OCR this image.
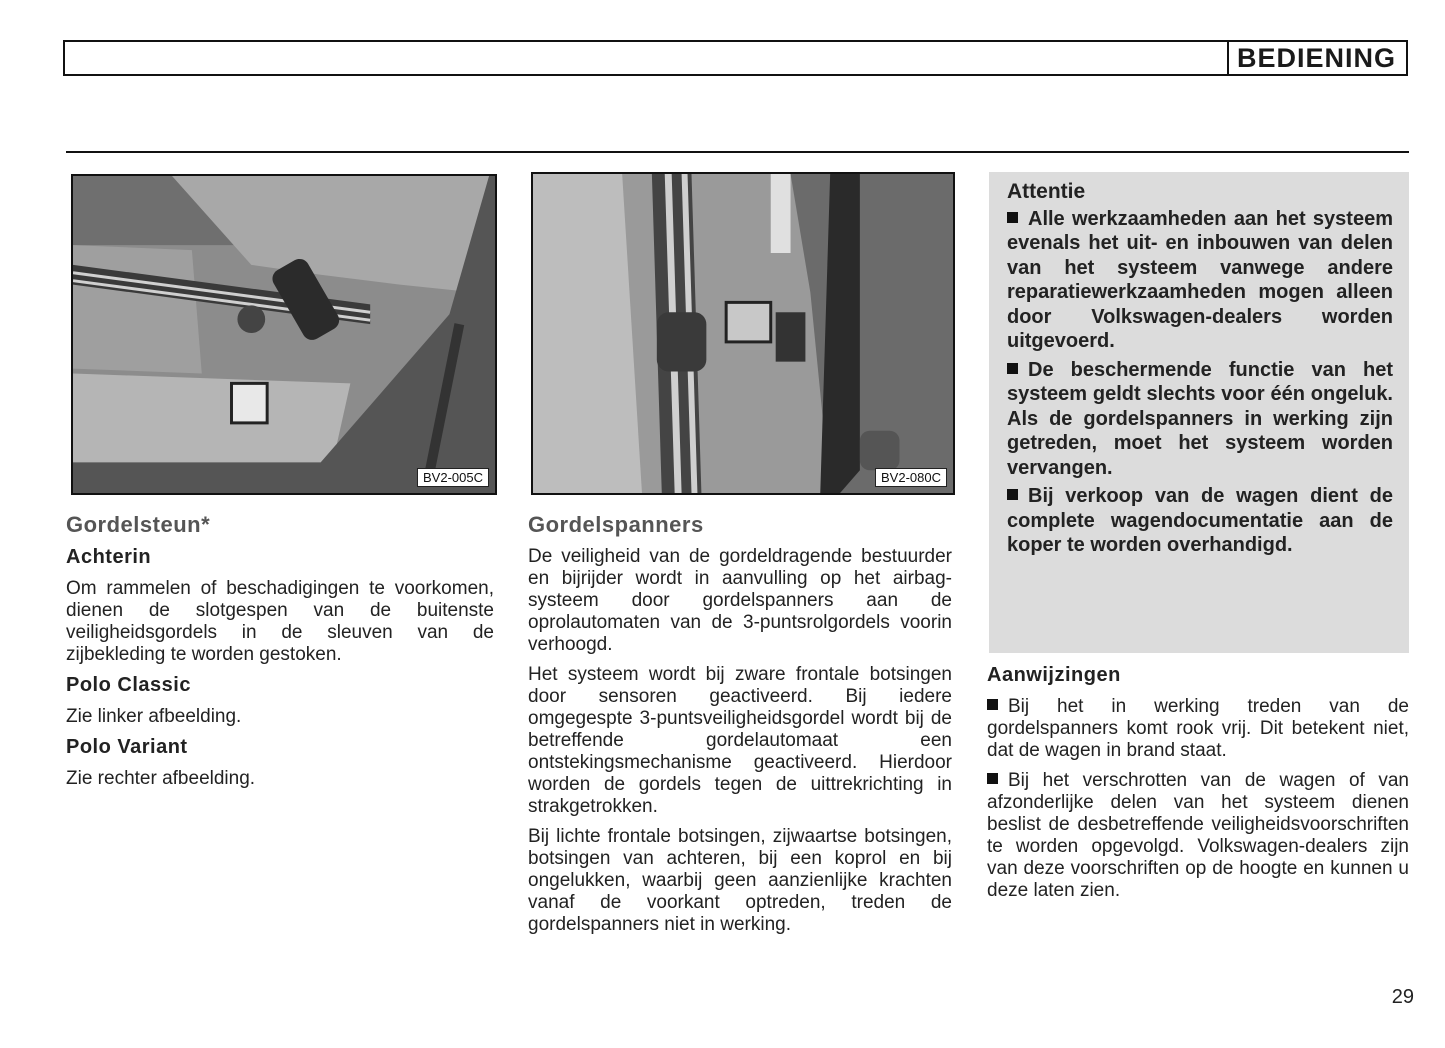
BEDIENING
BV2-005C	BV2-080C
Gordelsteun*
Achterin

Om rammelen of beschadigingen te voorkomen, dienen de slotgespen van de buitenste veiligheidsgordels in de sleuven van de zijbekleding te worden gestoken.

Polo Classic

Zie linker afbeelding.

Polo Variant

Zie rechter afbeelding.

Gordelspanners

De veiligheid van de gordeldragende bestuurder en bijrijder wordt in aanvulling op het airbag-systeem door gordelspanners aan de oprolautomaten van de 3-puntsrolgordels voorin verhoogd.

Het systeem wordt bij zware frontale botsingen door sensoren geactiveerd. Bij iedere omgegespte 3-puntsveiligheidsgordel wordt bij de betreffende gordelautomaat een ontstekingsmechanisme geactiveerd. Hierdoor worden de gordels tegen de uittrekrichting in strakgetrokken.

Bij lichte frontale botsingen, zijwaartse botsingen, botsingen van achteren, bij een koprol en bij ongelukken, waarbij geen aanzienlijke krachten vanaf de voorkant optreden, treden de gordelspanners niet in werking.

Attentie

Alle werkzaamheden aan het systeem evenals het uit- en inbouwen van delen van het systeem vanwege andere reparatiewerkzaamheden mogen alleen door Volkswagen-dealers worden uitgevoerd.

De beschermende functie van het systeem geldt slechts voor één ongeluk. Als de gordelspanners in werking zijn getreden, moet het systeem worden vervangen.

Bij verkoop van de wagen dient de complete wagendocumentatie aan de koper te worden overhandigd.

Aanwijzingen

Bij het in werking treden van de gordelspanners komt rook vrij. Dit betekent niet, dat de wagen in brand staat.

Bij het verschrotten van de wagen of van afzonderlijke delen van het systeem dienen beslist de desbetreffende veiligheidsvoorschriften te worden opgevolgd. Volkswagen-dealers zijn van deze voorschriften op de hoogte en kunnen u deze laten zien.

29
